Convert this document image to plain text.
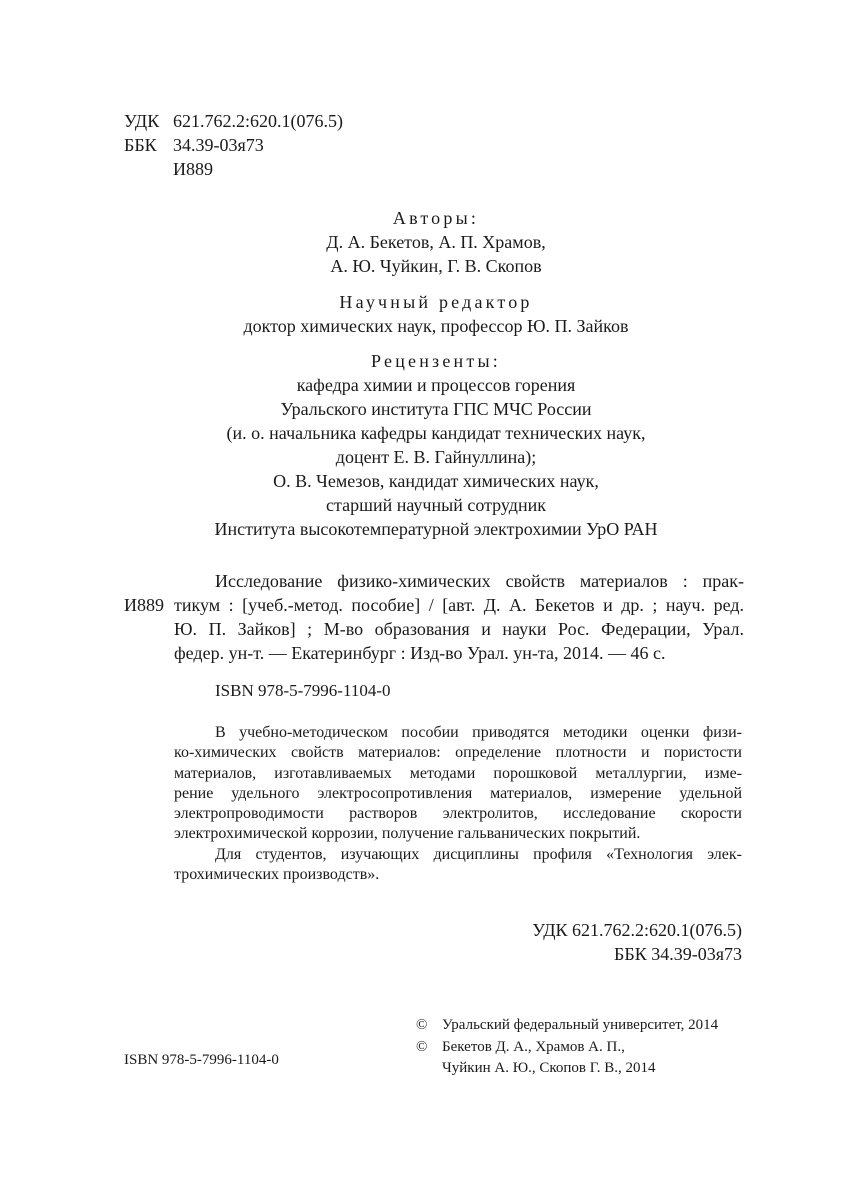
УДК 621.762.2:620.1(076.5)
ББК 34.39-03я73
И889
Авторы:
Д. А. Бекетов, А. П. Храмов,
А. Ю. Чуйкин, Г. В. Скопов
Научный редактор
доктор химических наук, профессор Ю. П. Зайков
Рецензенты:
кафедра химии и процессов горения
Уральского института ГПС МЧС России
(и. о. начальника кафедры кандидат технических наук,
доцент Е. В. Гайнуллина);
О. В. Чемезов, кандидат химических наук,
старший научный сотрудник
Института высокотемпературной электрохимии УрО РАН
Исследование физико-химических свойств материалов : прак-
И889 тикум : [учеб.-метод. пособие] / [авт. Д. А. Бекетов и др. ; науч. ред.
Ю. П. Зайков] ; М-во образования и науки Рос. Федерации, Урал.
федер. ун-т. — Екатеринбург : Изд-во Урал. ун-та, 2014. — 46 с.
ISBN 978-5-7996-1104-0
В учебно-методическом пособии приводятся методики оценки физи-
ко-химических свойств материалов: определение плотности и пористости
материалов, изготавливаемых методами порошковой металлургии, изме-
рение удельного электросопротивления материалов, измерение удельной
электропроводимости растворов электролитов, исследование скорости
электрохимической коррозии, получение гальванических покрытий.
Для студентов, изучающих дисциплины профиля «Технология элек-
трохимических производств».
УДК 621.762.2:620.1(076.5)
ББК 34.39-03я73
© Уральский федеральный университет, 2014
© Бекетов Д. А., Храмов А. П.,
Чуйкин А. Ю., Скопов Г. В., 2014
ISBN 978-5-7996-1104-0
